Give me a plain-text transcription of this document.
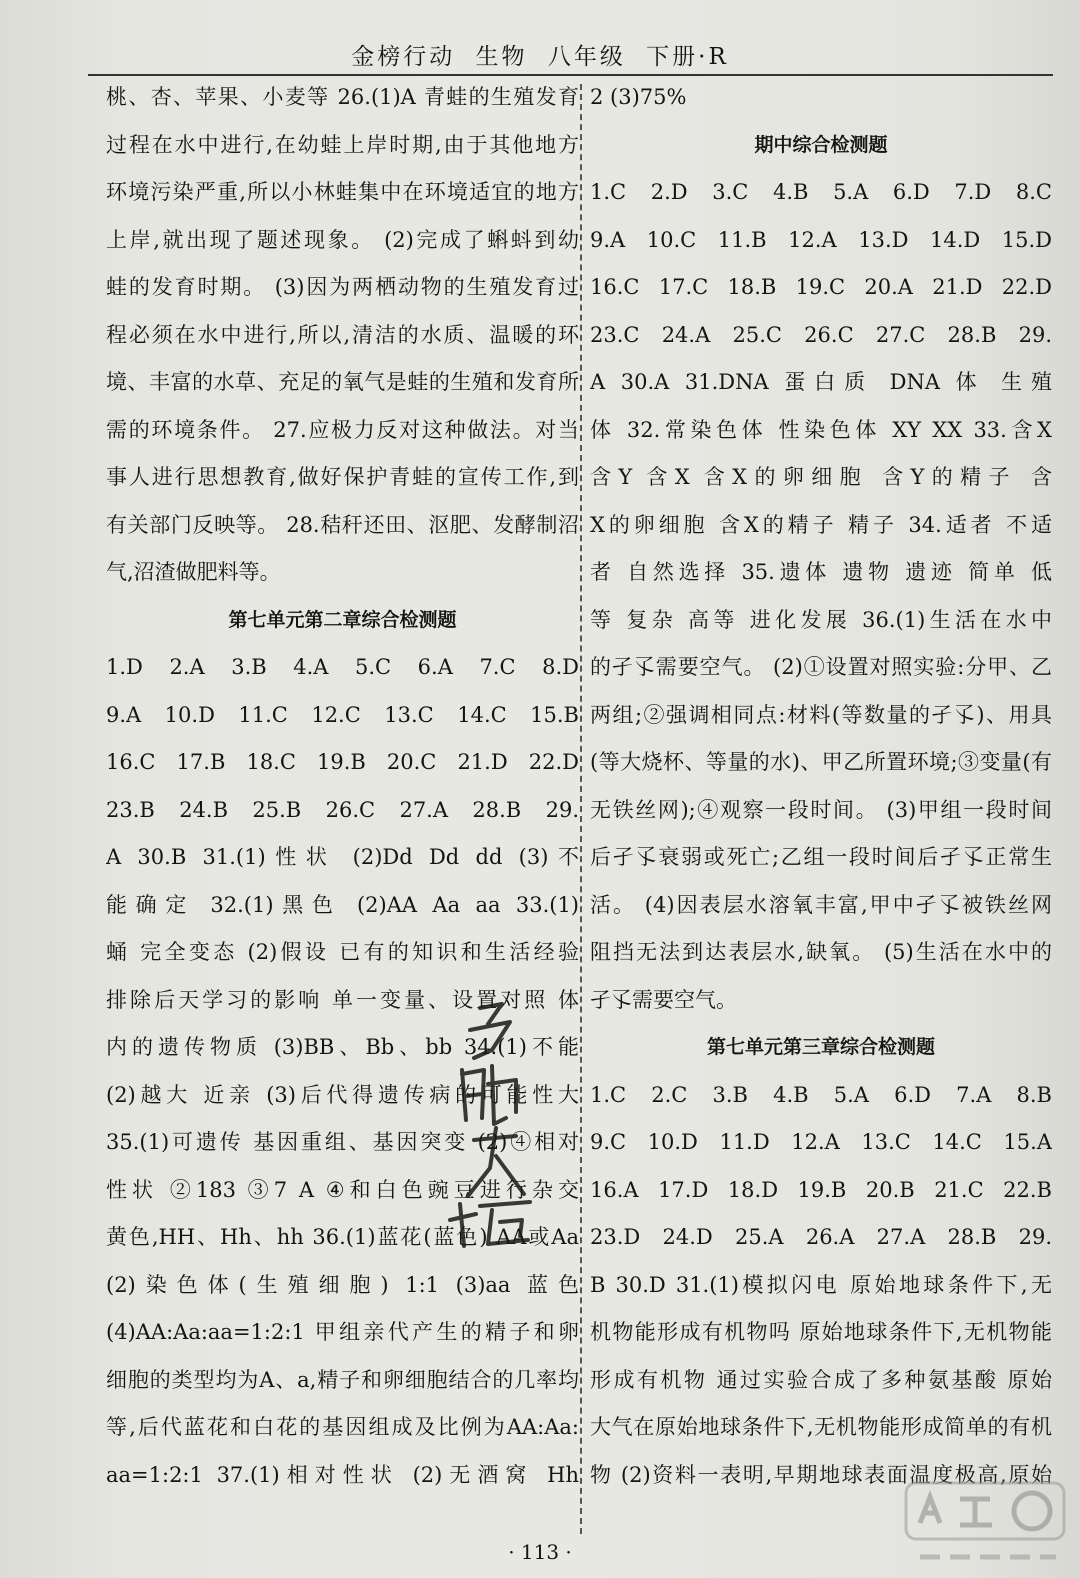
金榜行动 生物 八年级 下册·R
桃、杏、苹果、小麦等 26.(1)A 青蛙的生殖发育
过程在水中进行,在幼蛙上岸时期,由于其他地方
环境污染严重,所以小林蛙集中在环境适宜的地方
上岸,就出现了题述现象。 (2)完成了蝌蚪到幼
蛙的发育时期。 (3)因为两栖动物的生殖发育过
程必须在水中进行,所以,清洁的水质、温暖的环
境、丰富的水草、充足的氧气是蛙的生殖和发育所
需的环境条件。 27.应极力反对这种做法。对当
事人进行思想教育,做好保护青蛙的宣传工作,到
有关部门反映等。 28.秸秆还田、沤肥、发酵制沼
气,沼渣做肥料等。
第七单元第二章综合检测题
1.D 2.A 3.B 4.A 5.C 6.A 7.C 8.D
9.A 10.D 11.C 12.C 13.C 14.C 15.B
16.C 17.B 18.C 19.B 20.C 21.D 22.D
23.B 24.B 25.B 26.C 27.A 28.B 29.
A 30.B 31.(1)性状 (2)Dd Dd dd (3)不
能确定 32.(1)黑色 (2)AA Aa aa 33.(1)
蛹 完全变态 (2)假设 已有的知识和生活经验
排除后天学习的影响 单一变量、设置对照 体
内的遗传物质 (3)BB、Bb、bb 34.(1)不能
(2)越大 近亲 (3)后代得遗传病的可能性大
35.(1)可遗传 基因重组、基因突变 (2)④相对
性状 ②183 ③7 A ④和白色豌豆进行杂交
黄色,HH、Hh、hh 36.(1)蓝花(蓝色) AA或Aa
(2)染色体(生殖细胞) 1:1 (3)aa 蓝色
(4)AA:Aa:aa=1:2:1 甲组亲代产生的精子和卵
细胞的类型均为A、a,精子和卵细胞结合的几率均
等,后代蓝花和白花的基因组成及比例为AA:Aa:
aa=1:2:1 37.(1)相对性状 (2)无酒窝 Hh
2 (3)75%
期中综合检测题
1.C 2.D 3.C 4.B 5.A 6.D 7.D 8.C
9.A 10.C 11.B 12.A 13.D 14.D 15.D
16.C 17.C 18.B 19.C 20.A 21.D 22.D
23.C 24.A 25.C 26.C 27.C 28.B 29.
A 30.A 31.DNA 蛋白质 DNA 体 生殖
体 32.常染色体 性染色体 XY XX 33.含X
含Y 含X 含X的卵细胞 含Y的精子 含
X的卵细胞 含X的精子 精子 34.适者 不适
者 自然选择 35.遗体 遗物 遗迹 简单 低
等 复杂 高等 进化发展 36.(1)生活在水中
的孑孓需要空气。 (2)①设置对照实验:分甲、乙
两组;②强调相同点:材料(等数量的孑孓)、用具
(等大烧杯、等量的水)、甲乙所置环境;③变量(有
无铁丝网);④观察一段时间。 (3)甲组一段时间
后孑孓衰弱或死亡;乙组一段时间后孑孓正常生
活。 (4)因表层水溶氧丰富,甲中孑孓被铁丝网
阻挡无法到达表层水,缺氧。 (5)生活在水中的
孑孓需要空气。
第七单元第三章综合检测题
1.C 2.C 3.B 4.B 5.A 6.D 7.A 8.B
9.C 10.D 11.D 12.A 13.C 14.C 15.A
16.A 17.D 18.D 19.B 20.B 21.C 22.B
23.D 24.D 25.A 26.A 27.A 28.B 29.
B 30.D 31.(1)模拟闪电 原始地球条件下,无
机物能形成有机物吗 原始地球条件下,无机物能
形成有机物 通过实验合成了多种氨基酸 原始
大气在原始地球条件下,无机物能形成简单的有机
物 (2)资料一表明,早期地球表面温度极高,原始
· 113 ·
